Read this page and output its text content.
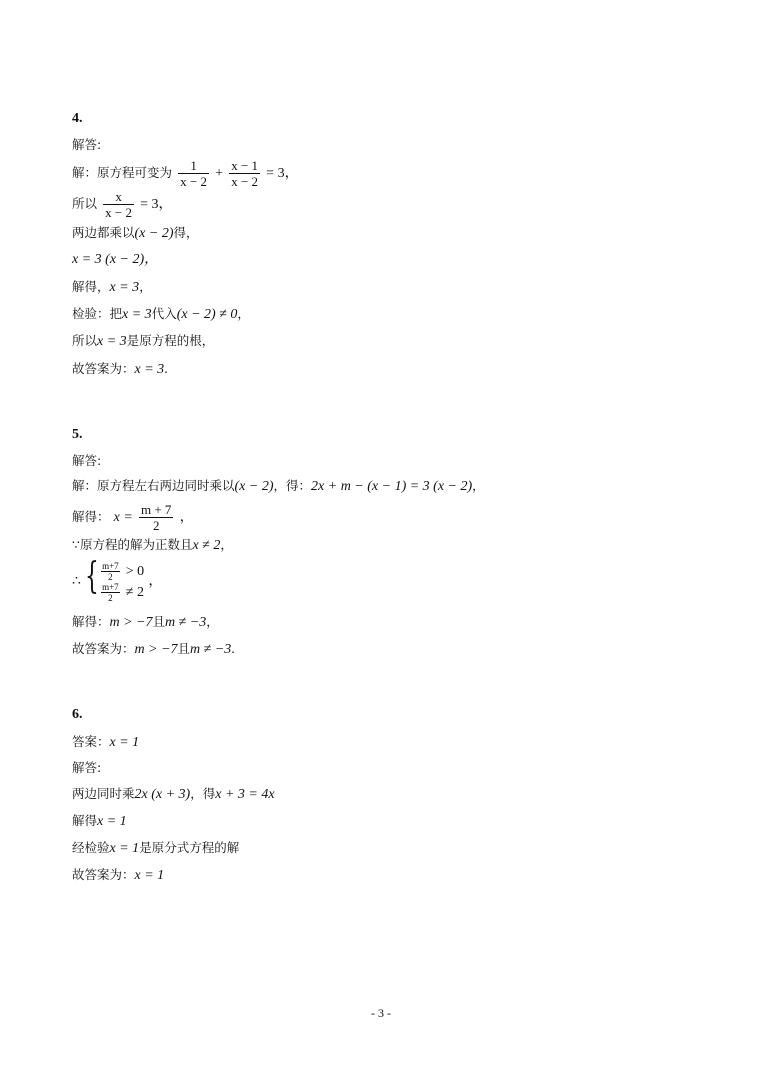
4.
解答:
解：原方程可变为 $\frac{1}{x - 2} + \frac{x - 1}{x - 2} = 3$，
所以 $\frac{x}{x - 2} = 3$，
两边都乘以(x − 2)得，
x = 3 (x − 2)，
解得，x = 3，
检验：把x = 3代入(x − 2) ≠ 0，
所以x = 3是原方程的根，
故答案为：x = 3.
5.
解答:
解：原方程左右两边同时乘以(x − 2)，得：2x + m − (x − 1) = 3 (x − 2)，
解得： $x = \frac{m + 7}{2}$ ，
∵原方程的解为正数且x ≠ 2，
∴ { $\frac{m+7}{2} > 0$
$\frac{m+7}{2} \ne 2$
，
解得：m > −7且m ≠ −3，
故答案为：m > −7且m ≠ −3.
6.
答案：x = 1
解答:
两边同时乘2x (x + 3)，得x + 3 = 4x
解得x = 1
经检验x = 1是原分式方程的解
故答案为：x = 1
- 3 -
